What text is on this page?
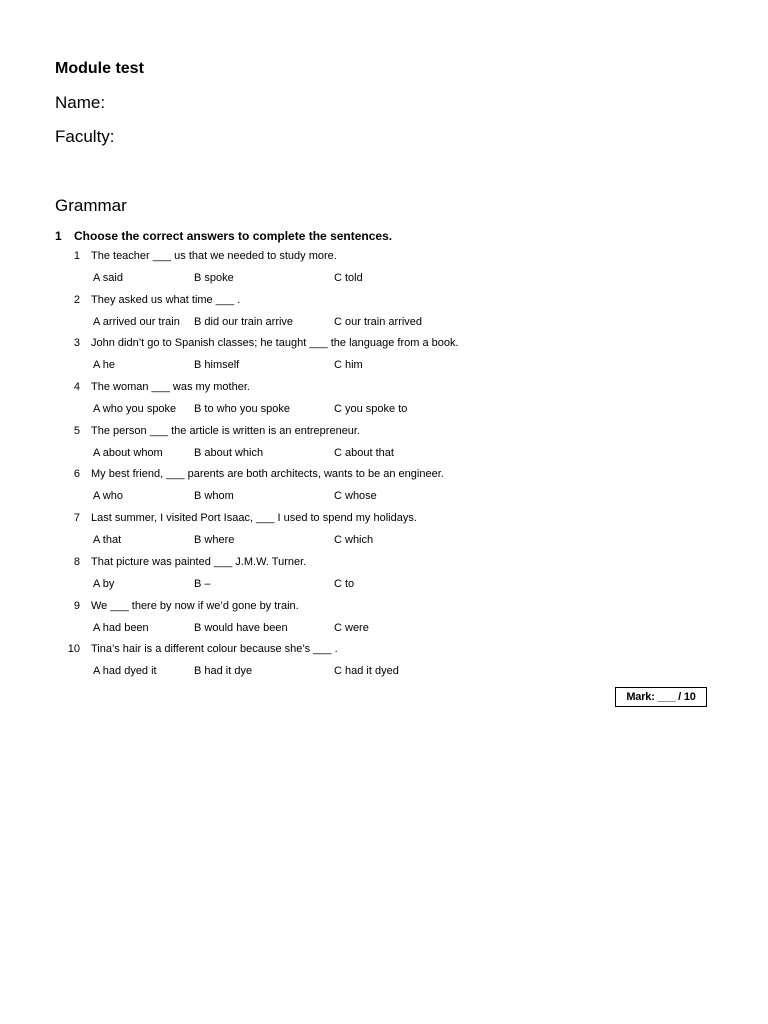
Module test
Name:
Faculty:
Grammar
1 Choose the correct answers to complete the sentences.
1 The teacher ___ us that we needed to study more.
A said	B spoke	C told
2 They asked us what time ___ .
A arrived our train B did our train arrive	C our train arrived
3 John didn’t go to Spanish classes; he taught ___ the language from a book.
A he	B himself	C him
4 The woman ___ was my mother.
A who you spoke B to who you spoke	C you spoke to
5 The person ___ the article is written is an entrepreneur.
A about whom	B about which	C about that
6 My best friend, ___ parents are both architects, wants to be an engineer.
A who	B whom	C whose
7 Last summer, I visited Port Isaac, ___ I used to spend my holidays.
A that	B where	C which
8 That picture was painted ___ J.M.W. Turner.
A by	B –	C to
9 We ___ there by now if we’d gone by train.
A had been	B would have been	C were
10 Tina’s hair is a different colour because she’s ___ .
A had dyed it	B had it dye	C had it dyed
Mark: ___ / 10
